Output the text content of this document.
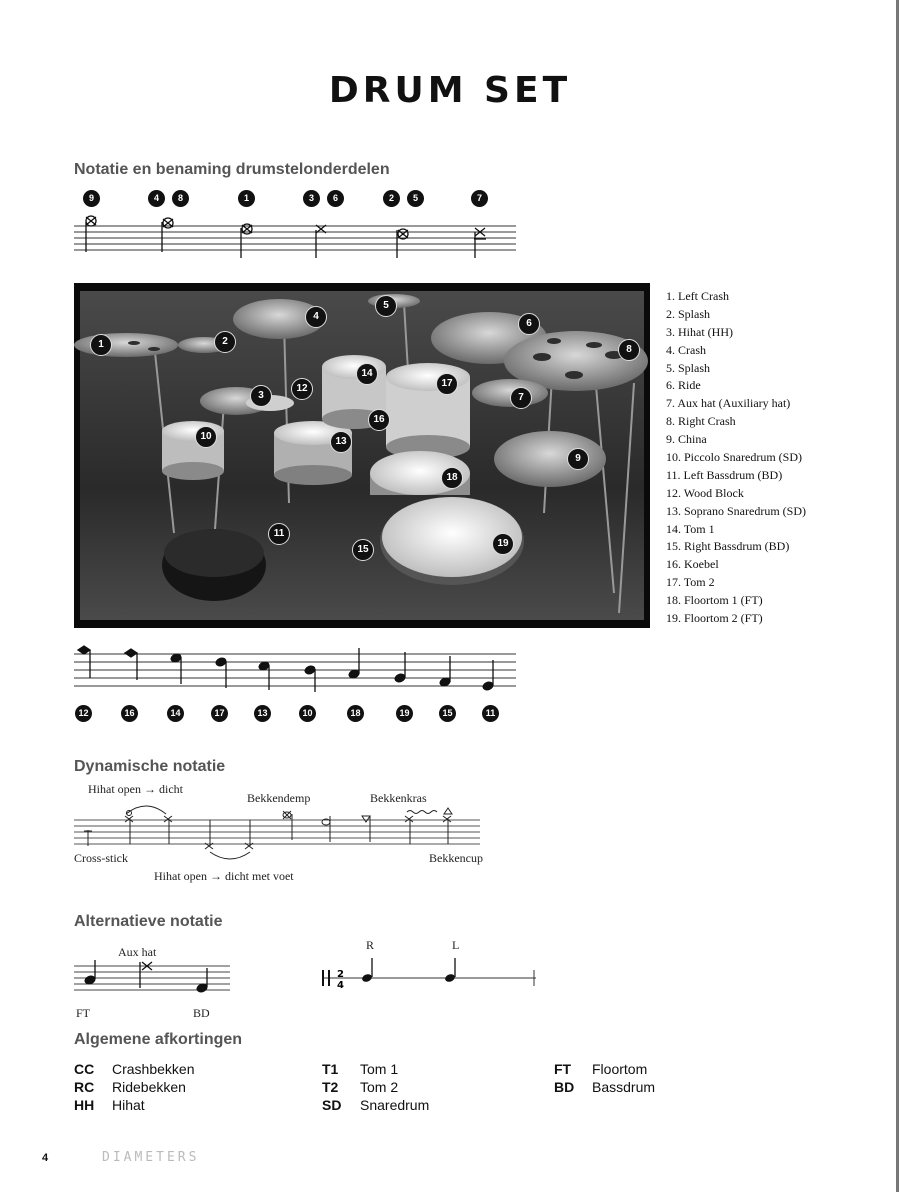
DRUM SET
Notatie en benaming drumstelonderdelen
9	4	8	1	3	6	2	5	7
1	2
3
4
5
6
7
8
9
10
11
12
13
14
15
16
17
18
19
1. Left Crash
2. Splash
3. Hihat (HH)
4. Crash
5. Splash
6. Ride
7. Aux hat (Auxiliary hat)
8. Right Crash
9. China
10. Piccolo Snaredrum (SD)
11. Left Bassdrum (BD)
12. Wood Block
13. Soprano Snaredrum (SD)
14. Tom 1
15. Right Bassdrum (BD)
16. Koebel
17. Tom 2
18. Floortom 1 (FT)
19. Floortom 2 (FT)
12	16	14	17	13	10	18	19	15	11
Dynamische notatie
Hihat open → dicht
Bekkendemp	Bekkenkras
Cross-stick
Hihat open → dicht met voet
Bekkencup
Alternatieve notatie
Aux hat
FT	BD
R	L
2
4
Algemene afkortingen
CC Crashbekken
RC Ridebekken
HH Hihat
T1 Tom 1
T2 Tom 2
SD Snaredrum
FT Floortom
BD Bassdrum
4	DIAMETERS
